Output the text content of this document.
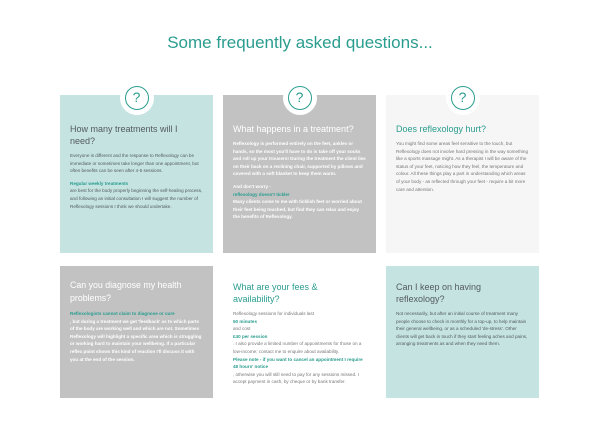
Some frequently asked questions...
?
How many treatments will I need?

Everyone is different and the response to Reflexology can be immediate or sometimes take longer than one appointment, but often benefits can be seen after 4-5 sessions.

Regular weekly treatments

are best for the body properly beginning the self-healing process, and following an initial consultation I will suggest the number of Reflexology sessions I think we should undertake.

?
What happens in a treatment?

Reflexology is performed entirely on the feet, ankles or hands, so the most you'll have to do is take off your socks and roll up your trousers! During the treatment the client lies on their back on a reclining chair, supported by pillows and covered with a soft blanket to keep them warm.

And don't worry -

reflexology doesn't tickle!

Many clients come to me with ticklish feet or worried about their feet being touched, but find they can relax and enjoy the benefits of Reflexology.

?
Does reflexology hurt?

You might find some areas feel sensitive to the touch, but Reflexology does not involve hard pressing in the way something like a sports massage might. As a therapist I will be aware of the status of your feet, noticing how they feel, the temperature and colour. All these things play a part in understanding which areas of your body - as reflected through your feet - require a bit more care and attention.

Can you diagnose my health problems?

Reflexologists cannot claim to diagnose or cure

, but during a treatment we get 'feedback' as to which parts of the body are working well and which are not. Sometimes Reflexology will highlight a specific area which is struggling or working hard to maintain your wellbeing. If a particular reflex point shows this kind of reaction I'll discuss it with you at the end of the session.

What are your fees & availability?

Reflexology sessions for individuals last

50 minutes

and cost

£40 per session

. I also provide a limited number of appointments for those on a low-income; contact me to enquire about availability.

Please note - if you want to cancel an appointment I require 48 hours' notice

, otherwise you will still need to pay for any sessions missed. I accept payment in cash, by cheque or by bank transfer.

Can I keep on having reflexology?

Not necessarily, but after an initial course of treatment many people choose to check in monthly for a top-up, to help maintain their general wellbeing, or as a scheduled 'de-stress'. Other clients will get back in touch if they start feeling aches and pains, arranging treatments as and when they need them.
